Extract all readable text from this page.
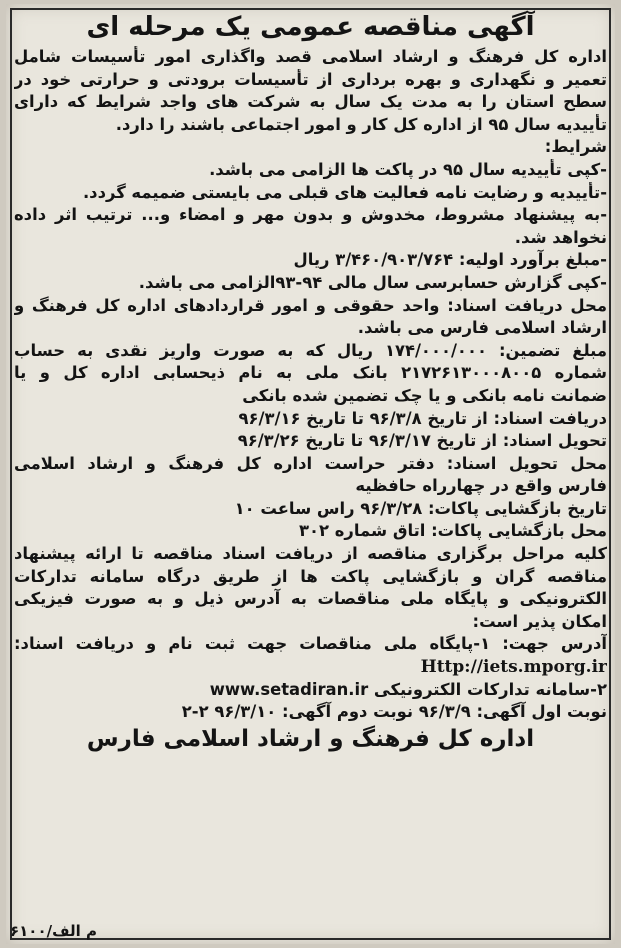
آگهی مناقصه عمومی یک مرحله ای
اداره کل فرهنگ و ارشاد اسلامی قصد واگذاری امور تأسیسات شامل
تعمیر و نگهداری و بهره برداری از تأسیسات برودتی و حرارتی خود در
سطح استان را به مدت یک سال به شرکت های واجد شرایط که دارای
تأییدیه سال ۹۵ از اداره کل کار و امور اجتماعی باشند را دارد.
شرایط:
-کپی تأییدیه سال ۹۵ در پاکت ها الزامی می باشد.
-تأییدیه و رضایت نامه فعالیت های قبلی می بایستی ضمیمه گردد.
-به پیشنهاد مشروط، مخدوش و بدون مهر و امضاء و... ترتیب اثر داده
نخواهد شد.
-مبلغ برآورد اولیه: ۳/۴۶۰/۹۰۳/۷۶۴ ریال
-کپی گزارش حسابرسی سال مالی ۹۴-۹۳الزامی می باشد.
محل دریافت اسناد: واحد حقوقی و امور قراردادهای اداره کل فرهنگ و
ارشاد اسلامی فارس می باشد.
مبلغ تضمین: ۱۷۴/۰۰۰/۰۰۰ ریال که به صورت واریز نقدی به حساب
شماره ۲۱۷۲۶۱۳۰۰۰۸۰۰۵ بانک ملی به نام ذیحسابی اداره کل و یا
ضمانت نامه بانکی و یا چک تضمین شده بانکی
دریافت اسناد: از تاریخ ۹۶/۳/۸ تا تاریخ ۹۶/۳/۱۶
تحویل اسناد: از تاریخ ۹۶/۳/۱۷ تا تاریخ ۹۶/۳/۲۶
محل تحویل اسناد: دفتر حراست اداره کل فرهنگ و ارشاد اسلامی
فارس واقع در چهارراه حافظیه
تاریخ بازگشایی پاکات: ۹۶/۳/۲۸ راس ساعت ۱۰
محل بازگشایی پاکات: اتاق شماره ۳۰۲
کلیه مراحل برگزاری مناقصه از دریافت اسناد مناقصه تا ارائه پیشنهاد
مناقصه گران و بازگشایی پاکت ها از طریق درگاه سامانه تدارکات
الکترونیکی و پایگاه ملی مناقصات به آدرس ذیل و به صورت فیزیکی
امکان پذیر است:
آدرس جهت: ۱-پایگاه ملی مناقصات جهت ثبت نام و دریافت اسناد:
Http://iets.mporg.ir
۲-سامانه تدارکات الکترونیکی www.setadiran.ir
نوبت اول آگهی: ۹۶/۳/۹ نوبت دوم آگهی: ۹۶/۳/۱۰ ۲-۲
اداره کل فرهنگ و ارشاد اسلامی فارس
۶۱۰۰/م الف
